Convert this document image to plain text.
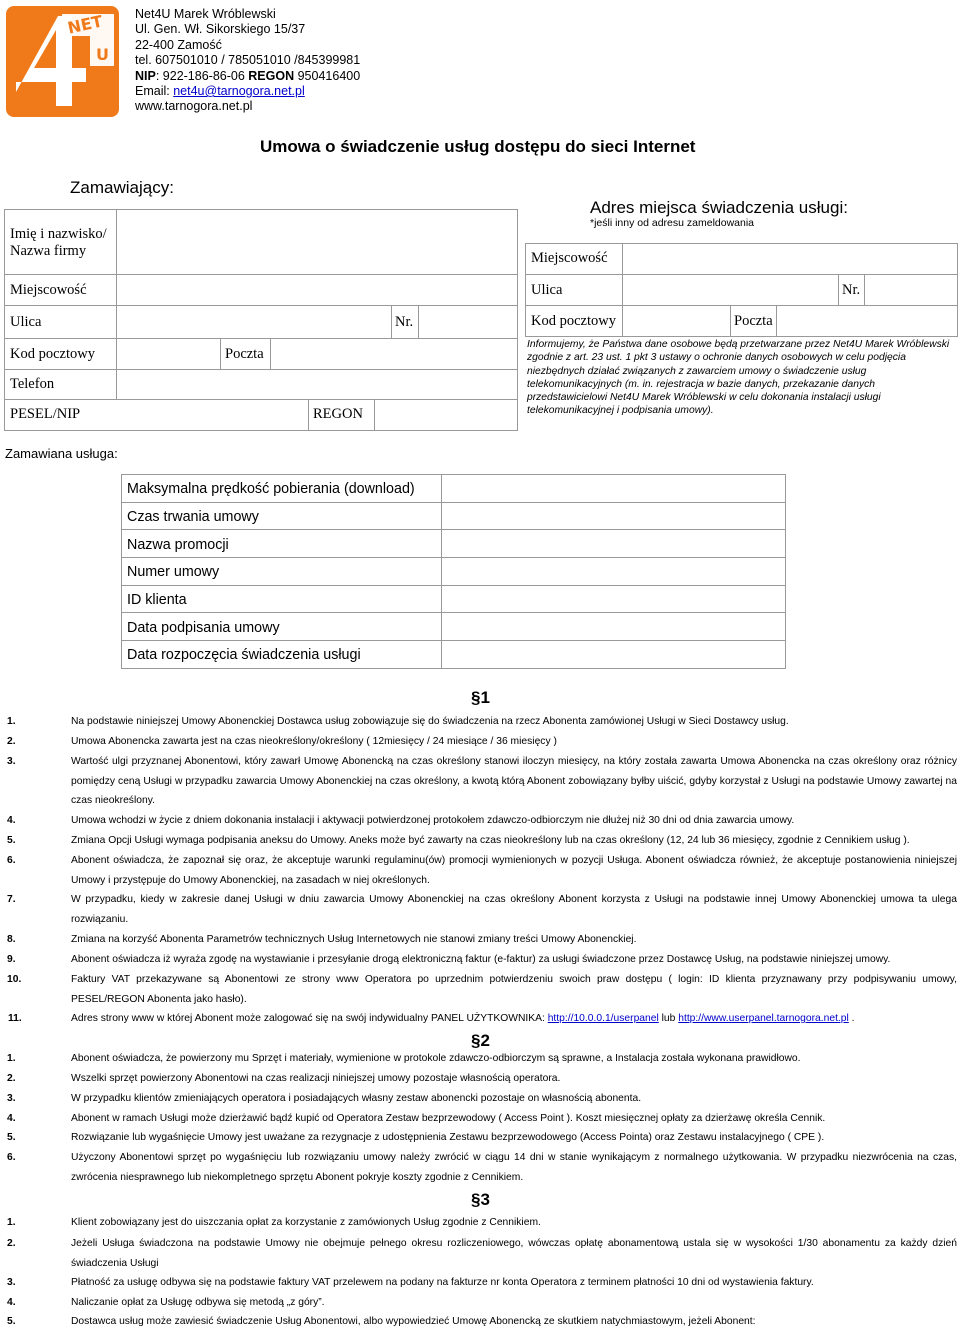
NET
U
Net4U Marek Wróblewski
Ul. Gen. Wł. Sikorskiego 15/37
22-400 Zamość
tel. 607501010 / 785051010 /845399981
NIP: 922-186-86-06 REGON 950416400
Email: net4u@tarnogora.net.pl
www.tarnogora.net.pl
Umowa o świadczenie usług dostępu do sieci Internet
Zamawiający:
Imię i nazwisko/
Nazwa firmy
Miejscowość
Ulica	Nr.
Kod pocztowy	Poczta
Telefon
PESEL/NIP	REGON
Adres miejsca świadczenia usługi:
*jeśli inny od adresu zameldowania
Miejscowość
Ulica	Nr.
Kod pocztowy	Poczta
Informujemy, że Państwa dane osobowe będą przetwarzane przez Net4U Marek Wróblewski zgodnie z art. 23 ust. 1 pkt 3 ustawy o ochronie danych osobowych w celu podjęcia niezbędnych działać związanych z zawarciem umowy o świadczenie usług telekomunikacyjnych (m. in. rejestracja w bazie danych, przekazanie danych przedstawicielowi Net4U Marek Wróblewski w celu dokonania instalacji usługi telekomunikacyjnej i podpisania umowy).
Zamawiana usługa:
Maksymalna prędkość pobierania (download)	
Czas trwania umowy	
Nazwa promocji	
Numer umowy	
ID klienta	
Data podpisania umowy	
Data rozpoczęcia świadczenia usługi	
§1
1.	Na podstawie niniejszej Umowy Abonenckiej Dostawca usług zobowiązuje się do świadczenia na rzecz Abonenta zamówionej Usługi w Sieci Dostawcy usług.
2.	Umowa Abonencka zawarta jest na czas nieokreślony/określony ( 12miesięcy / 24 miesiące / 36 miesięcy )
3.	Wartość ulgi przyznanej Abonentowi, który zawarł Umowę Abonencką na czas określony stanowi iloczyn miesięcy, na który została zawarta Umowa Abonencka na czas określony oraz różnicy pomiędzy ceną Usługi w przypadku zawarcia Umowy Abonenckiej na czas określony, a kwotą którą Abonent zobowiązany byłby uiścić, gdyby korzystał z Usługi na podstawie Umowy zawartej na czas nieokreślony.
4.	Umowa wchodzi w życie z dniem dokonania instalacji i aktywacji potwierdzonej protokołem zdawczo-odbiorczym nie dłużej niż 30 dni od dnia zawarcia umowy.
5.	Zmiana Opcji Usługi wymaga podpisania aneksu do Umowy. Aneks może być zawarty na czas nieokreślony lub na czas określony (12, 24 lub 36 miesięcy, zgodnie z Cennikiem usług ).
6.	Abonent oświadcza, że zapoznał się oraz, że akceptuje warunki regulaminu(ów) promocji wymienionych w pozycji Usługa. Abonent oświadcza również, że akceptuje postanowienia niniejszej Umowy i przystępuje do Umowy Abonenckiej, na zasadach w niej określonych.
7.	W przypadku, kiedy w zakresie danej Usługi w dniu zawarcia Umowy Abonenckiej na czas określony Abonent korzysta z Usługi na podstawie innej Umowy Abonenckiej umowa ta ulega rozwiązaniu.
8.	Zmiana na korzyść Abonenta Parametrów technicznych Usług Internetowych nie stanowi zmiany treści Umowy Abonenckiej.
9.	Abonent oświadcza iż wyraża zgodę na wystawianie i przesyłanie drogą elektroniczną faktur (e-faktur) za usługi świadczone przez Dostawcę Usług, na podstawie niniejszej umowy.
10.	Faktury VAT przekazywane są Abonentowi ze strony www Operatora po uprzednim potwierdzeniu swoich praw dostępu ( login: ID klienta przyznawany przy podpisywaniu umowy, PESEL/REGON Abonenta jako hasło).
11.	Adres strony www w której Abonent może zalogować się na swój indywidualny PANEL UŻYTKOWNIKA: http://10.0.0.1/userpanel lub http://www.userpanel.tarnogora.net.pl .
§2
1.	Abonent oświadcza, że powierzony mu Sprzęt i materiały, wymienione w protokole zdawczo-odbiorczym są sprawne, a Instalacja została wykonana prawidłowo.
2.	Wszelki sprzęt powierzony Abonentowi na czas realizacji niniejszej umowy pozostaje własnością operatora.
3.	W przypadku klientów zmieniających operatora i posiadających własny zestaw abonencki pozostaje on własnością abonenta.
4.	Abonent w ramach Usługi może dzierżawić bądź kupić od Operatora Zestaw bezprzewodowy ( Access Point ). Koszt miesięcznej opłaty za dzierżawę określa Cennik.
5.	Rozwiązanie lub wygaśnięcie Umowy jest uważane za rezygnacje z udostępnienia Zestawu bezprzewodowego (Access Pointa) oraz Zestawu instalacyjnego ( CPE ).
6.	Użyczony Abonentowi sprzęt po wygaśnięciu lub rozwiązaniu umowy należy zwrócić w ciągu 14 dni w stanie wynikającym z normalnego użytkowania. W przypadku niezwrócenia na czas, zwrócenia niesprawnego lub niekompletnego sprzętu Abonent pokryje koszty zgodnie z Cennikiem.
§3
1.	Klient zobowiązany jest do uiszczania opłat za korzystanie z zamówionych Usług zgodnie z Cennikiem.
2.	Jeżeli Usługa świadczona na podstawie Umowy nie obejmuje pełnego okresu rozliczeniowego, wówczas opłatę abonamentową ustala się w wysokości 1/30 abonamentu za każdy dzień świadczenia Usługi
3.	Płatność za usługę odbywa się na podstawie faktury VAT przelewem na podany na fakturze nr konta Operatora z terminem płatności 10 dni od wystawienia faktury.
4.	Naliczanie opłat za Usługę odbywa się metodą „z góry”.
5.	Dostawca usług może zawiesić świadczenie Usług Abonentowi, albo wypowiedzieć Umowę Abonencką ze skutkiem natychmiastowym, jeżeli Abonent:
